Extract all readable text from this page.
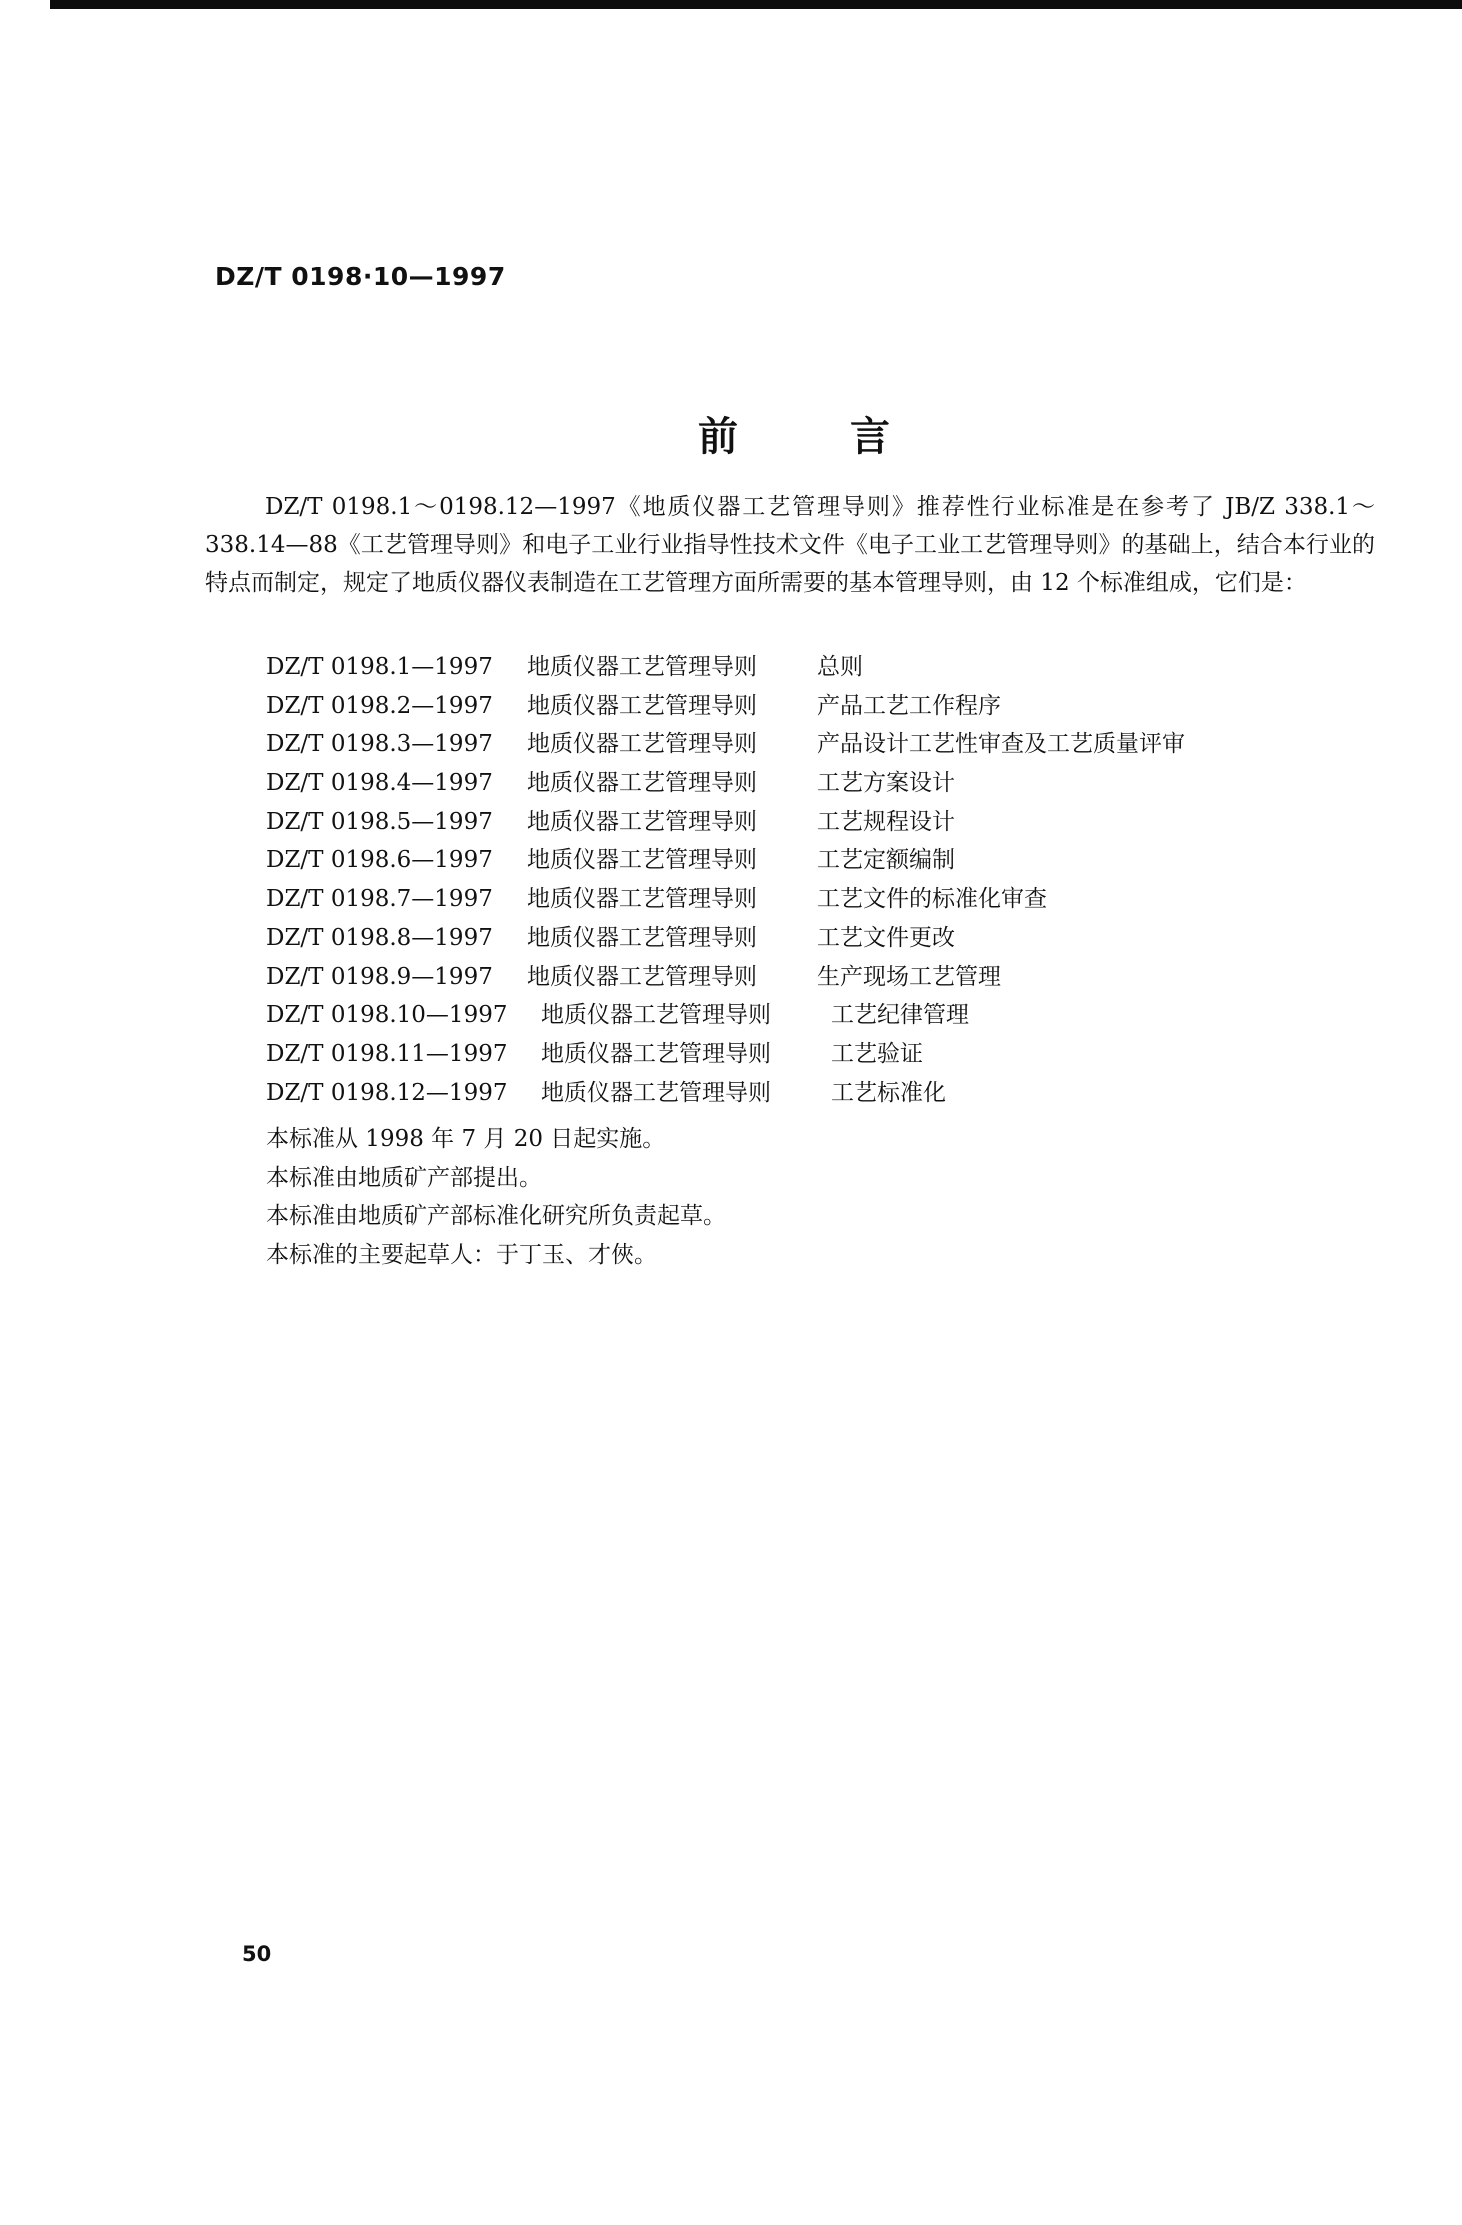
DZ/T 0198·10—1997
前言

DZ/T 0198.1～0198.12—1997《地质仪器工艺管理导则》推荐性行业标准是在参考了 JB/Z 338.1～338.14—88《工艺管理导则》和电子工业行业指导性技术文件《电子工业工艺管理导则》的基础上，结合本行业的特点而制定，规定了地质仪器仪表制造在工艺管理方面所需要的基本管理导则，由 12 个标准组成，它们是：

DZ/T 0198.1—1997	地质仪器工艺管理导则	总则
DZ/T 0198.2—1997	地质仪器工艺管理导则	产品工艺工作程序
DZ/T 0198.3—1997	地质仪器工艺管理导则	产品设计工艺性审查及工艺质量评审
DZ/T 0198.4—1997	地质仪器工艺管理导则	工艺方案设计
DZ/T 0198.5—1997	地质仪器工艺管理导则	工艺规程设计
DZ/T 0198.6—1997	地质仪器工艺管理导则	工艺定额编制
DZ/T 0198.7—1997	地质仪器工艺管理导则	工艺文件的标准化审查
DZ/T 0198.8—1997	地质仪器工艺管理导则	工艺文件更改
DZ/T 0198.9—1997	地质仪器工艺管理导则	生产现场工艺管理
DZ/T 0198.10—1997	地质仪器工艺管理导则	工艺纪律管理
DZ/T 0198.11—1997	地质仪器工艺管理导则	工艺验证
DZ/T 0198.12—1997	地质仪器工艺管理导则	工艺标准化
本标准从 1998 年 7 月 20 日起实施。
本标准由地质矿产部提出。
本标准由地质矿产部标准化研究所负责起草。
本标准的主要起草人：于丁玉、才俠。
50
